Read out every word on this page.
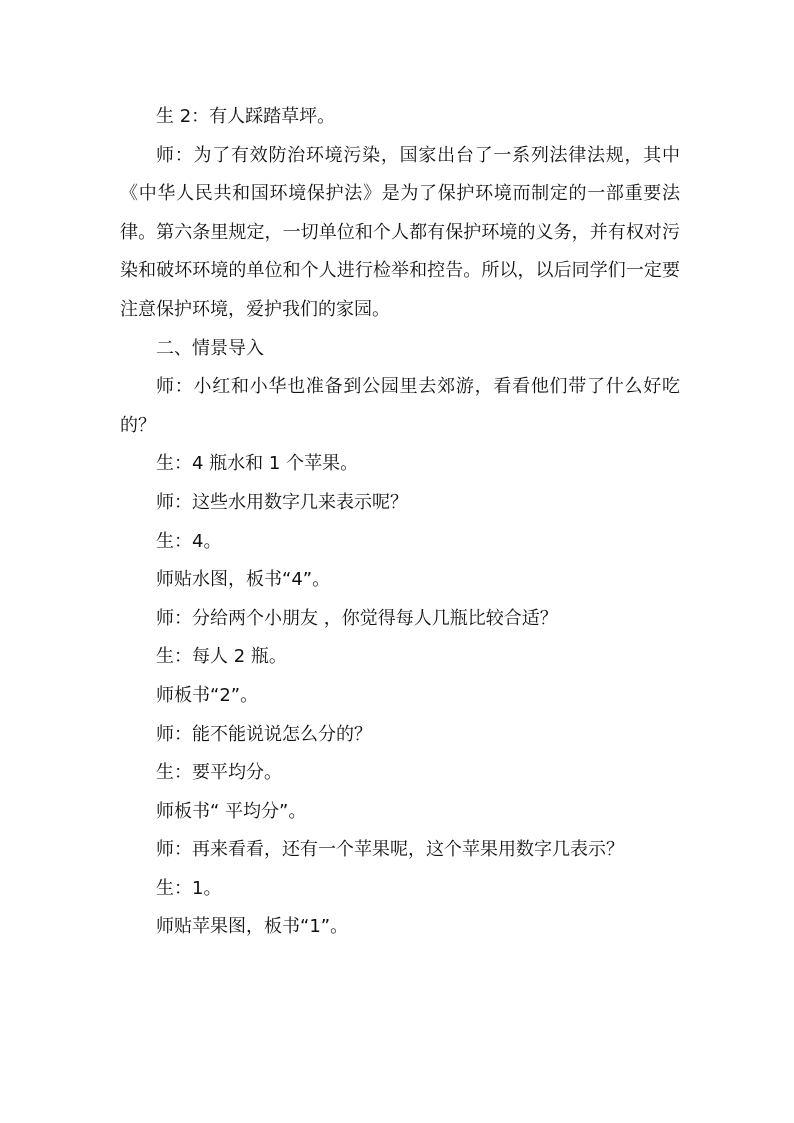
生 2：有人踩踏草坪。

师：为了有效防治环境污染，国家出台了一系列法律法规，其中《中华人民共和国环境保护法》是为了保护环境而制定的一部重要法律。第六条里规定，一切单位和个人都有保护环境的义务，并有权对污染和破坏环境的单位和个人进行检举和控告。所以，以后同学们一定要注意保护环境，爱护我们的家园。

二、情景导入

师：小红和小华也准备到公园里去郊游，看看他们带了什么好吃的？

生：4 瓶水和 1 个苹果。

师：这些水用数字几来表示呢？

生：4。

师贴水图，板书“4”。

师：分给两个小朋友 ，你觉得每人几瓶比较合适？

生：每人 2 瓶。

师板书“2”。

师：能不能说说怎么分的？

生：要平均分。

师板书“ 平均分”。

师：再来看看，还有一个苹果呢，这个苹果用数字几表示？

生：1。

师贴苹果图，板书“1”。
